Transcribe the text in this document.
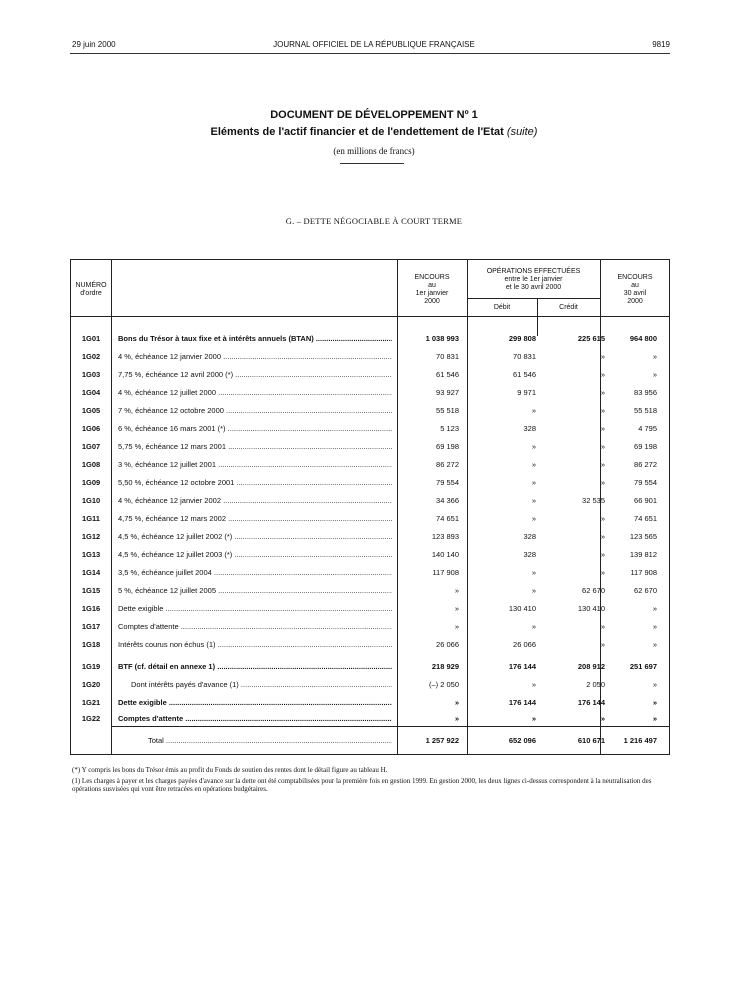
29 juin 2000	JOURNAL OFFICIEL DE LA RÉPUBLIQUE FRANÇAISE	9819
DOCUMENT DE DÉVELOPPEMENT Nº 1
Eléments de l'actif financier et de l'endettement de l'Etat (suite)
(en millions de francs)
G. – DETTE NÉGOCIABLE À COURT TERME
NUMÉRO
d'ordre
ENCOURS
au
1er janvier
2000
OPÉRATIONS EFFECTUÉES
entre le 1er janvier
et le 30 avril 2000
Débit	Crédit
ENCOURS
au
30 avril
2000
1G01	Bons du Trésor à taux fixe et à intérêts annuels (BTAN) .....	1 038 993	299 808	225 615	964 800
1G02	4 %, échéance 12 janvier 2000 .....	70 831	70 831	»	»
1G03	7,75 %, échéance 12 avril 2000 (*) .....	61 546	61 546	»	»
1G04	4 %, échéance 12 juillet 2000 .....	93 927	9 971	»	83 956
1G05	7 %, échéance 12 octobre 2000 .....	55 518	»	»	55 518
1G06	6 %, échéance 16 mars 2001 (*) .....	5 123	328	»	4 795
1G07	5,75 %, échéance 12 mars 2001 .....	69 198	»	»	69 198
1G08	3 %, échéance 12 juillet 2001 .....	86 272	»	»	86 272
1G09	5,50 %, échéance 12 octobre 2001 .....	79 554	»	»	79 554
1G10	4 %, échéance 12 janvier 2002 .....	34 366	»	32 535	66 901
1G11	4,75 %, échéance 12 mars 2002 .....	74 651	»	»	74 651
1G12	4,5 %, échéance 12 juillet 2002 (*) .....	123 893	328	»	123 565
1G13	4,5 %, échéance 12 juillet 2003 (*) .....	140 140	328	»	139 812
1G14	3,5 %, échéance juillet 2004 .....	117 908	»	»	117 908
1G15	5 %, échéance 12 juillet 2005 .....	»	»	62 670	62 670
1G16	Dette exigible .....	»	130 410	130 410	»
1G17	Comptes d'attente .....	»	»	»	»
1G18	Intérêts courus non échus (1) .....	26 066	26 066	»	»
1G19	BTF (cf. détail en annexe 1) .....	218 929	176 144	208 912	251 697
1G20	Dont intérêts payés d'avance (1) .....	(–) 2 050	»	2 050	»
1G21	Dette exigible .....	»	176 144	176 144	»
1G22	Comptes d'attente .....	»	»	»	»
Total .....	1 257 922	652 096	610 671	1 216 497
(*) Y compris les bons du Trésor émis au profit du Fonds de soutien des rentes dont le détail figure au tableau H.
(1) Les charges à payer et les charges payées d'avance sur la dette ont été comptabilisées pour la première fois en gestion 1999. En gestion 2000, les deux lignes ci-dessus correspondent à la neutralisation des opérations susvisées qui vont être retracées en opérations budgétaires.
